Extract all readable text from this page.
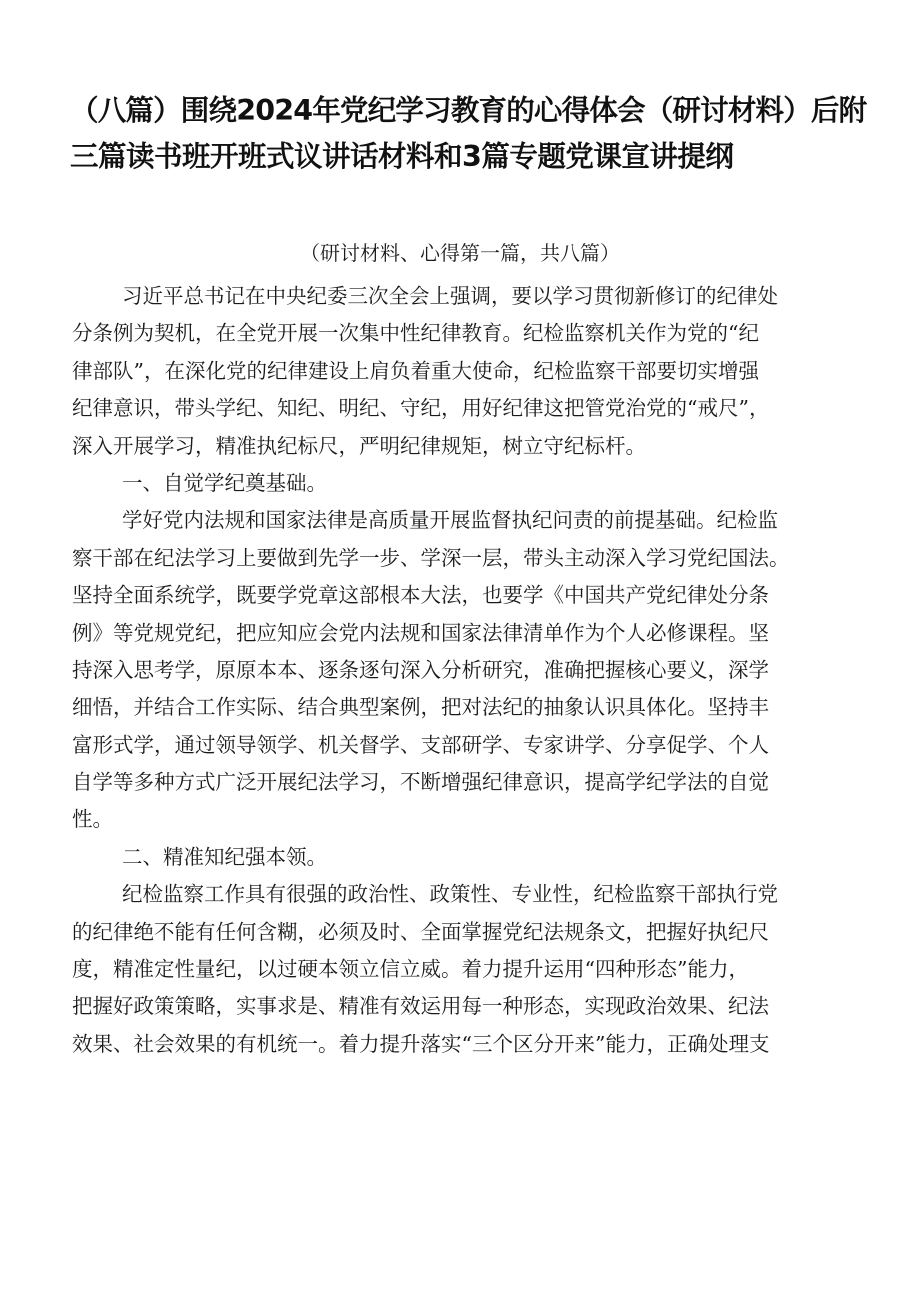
（八篇）围绕2024年党纪学习教育的心得体会（研讨材料）后附
三篇读书班开班式议讲话材料和3篇专题党课宣讲提纲
（研讨材料、心得第一篇，共八篇）
习近平总书记在中央纪委三次全会上强调，要以学习贯彻新修订的纪律处
分条例为契机，在全党开展一次集中性纪律教育。纪检监察机关作为党的“纪
律部队”，在深化党的纪律建设上肩负着重大使命，纪检监察干部要切实增强
纪律意识，带头学纪、知纪、明纪、守纪，用好纪律这把管党治党的“戒尺”，
深入开展学习，精准执纪标尺，严明纪律规矩，树立守纪标杆。
一、自觉学纪奠基础。
学好党内法规和国家法律是高质量开展监督执纪问责的前提基础。纪检监
察干部在纪法学习上要做到先学一步、学深一层，带头主动深入学习党纪国法。
坚持全面系统学，既要学党章这部根本大法，也要学《中国共产党纪律处分条
例》等党规党纪，把应知应会党内法规和国家法律清单作为个人必修课程。坚
持深入思考学，原原本本、逐条逐句深入分析研究，准确把握核心要义，深学
细悟，并结合工作实际、结合典型案例，把对法纪的抽象认识具体化。坚持丰
富形式学，通过领导领学、机关督学、支部研学、专家讲学、分享促学、个人
自学等多种方式广泛开展纪法学习，不断增强纪律意识，提高学纪学法的自觉
性。
二、精准知纪强本领。
纪检监察工作具有很强的政治性、政策性、专业性，纪检监察干部执行党
的纪律绝不能有任何含糊，必须及时、全面掌握党纪法规条文，把握好执纪尺
度，精准定性量纪，以过硬本领立信立威。着力提升运用“四种形态”能力，
把握好政策策略，实事求是、精准有效运用每一种形态，实现政治效果、纪法
效果、社会效果的有机统一。着力提升落实“三个区分开来”能力，正确处理支
